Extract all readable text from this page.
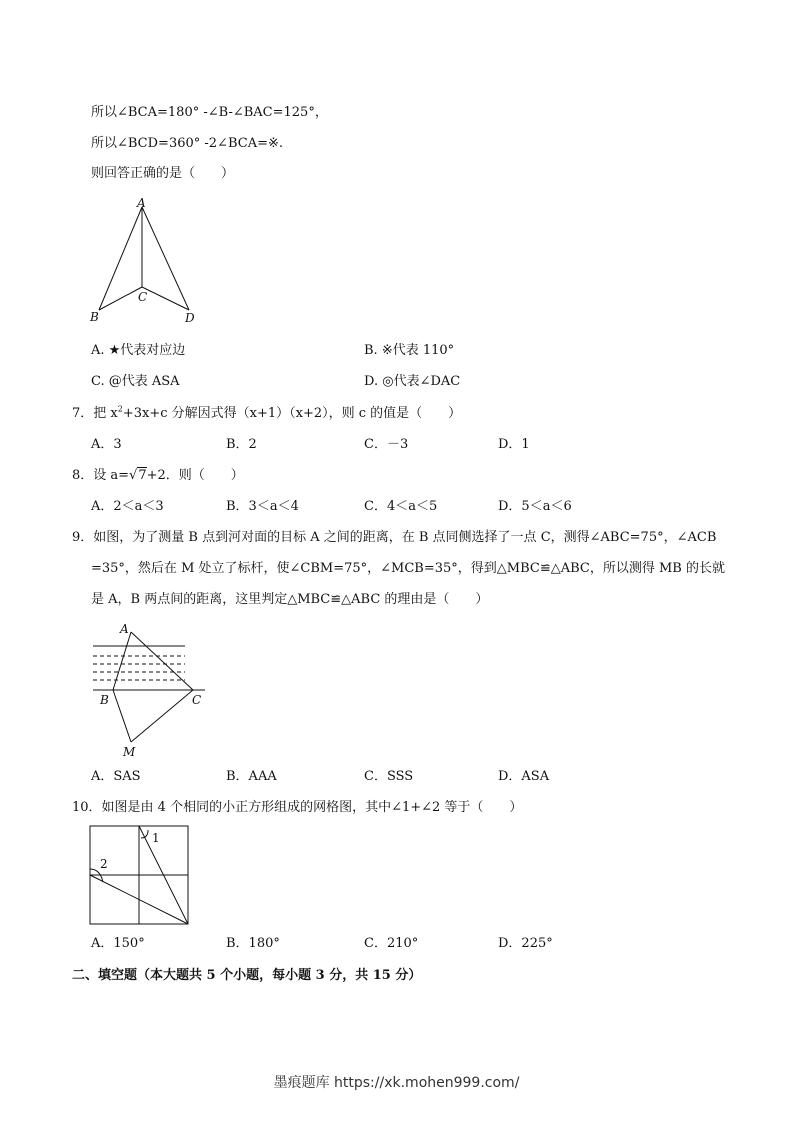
所以∠BCA=180° -∠B-∠BAC=125°，
所以∠BCD=360° -2∠BCA=※.
则回答正确的是（　　）
A
C
B	D
A. ★代表对应边	B. ※代表 110°
C. @代表 ASA	D. ◎代表∠DAC
7．把 $x^2+3x+c$ 分解因式得（x+1）（x+2），则 c 的值是（　　）
A．3	B．2	C．－3	D．1
8．设 a=√7+2．则（　　）
A．2＜a＜3	B．3＜a＜4	C．4＜a＜5	D．5＜a＜6
9．如图，为了测量 B 点到河对面的目标 A 之间的距离，在 B 点同侧选择了一点 C，测得∠ABC=75°，∠ACB
=35°，然后在 M 处立了标杆，使∠CBM=75°，∠MCB=35°，得到△MBC≌△ABC，所以测得 MB 的长就
是 A，B 两点间的距离，这里判定△MBC≌△ABC 的理由是（　　）
A
B	C
M
A．SAS	B．AAA	C．SSS	D．ASA
10．如图是由 4 个相同的小正方形组成的网格图，其中∠1+∠2 等于（　　）
1
2
A．150°	B．180°	C．210°	D．225°
二、填空题（本大题共 5 个小题，每小题 3 分，共 15 分）
墨痕题库 https://xk.mohen999.com/
